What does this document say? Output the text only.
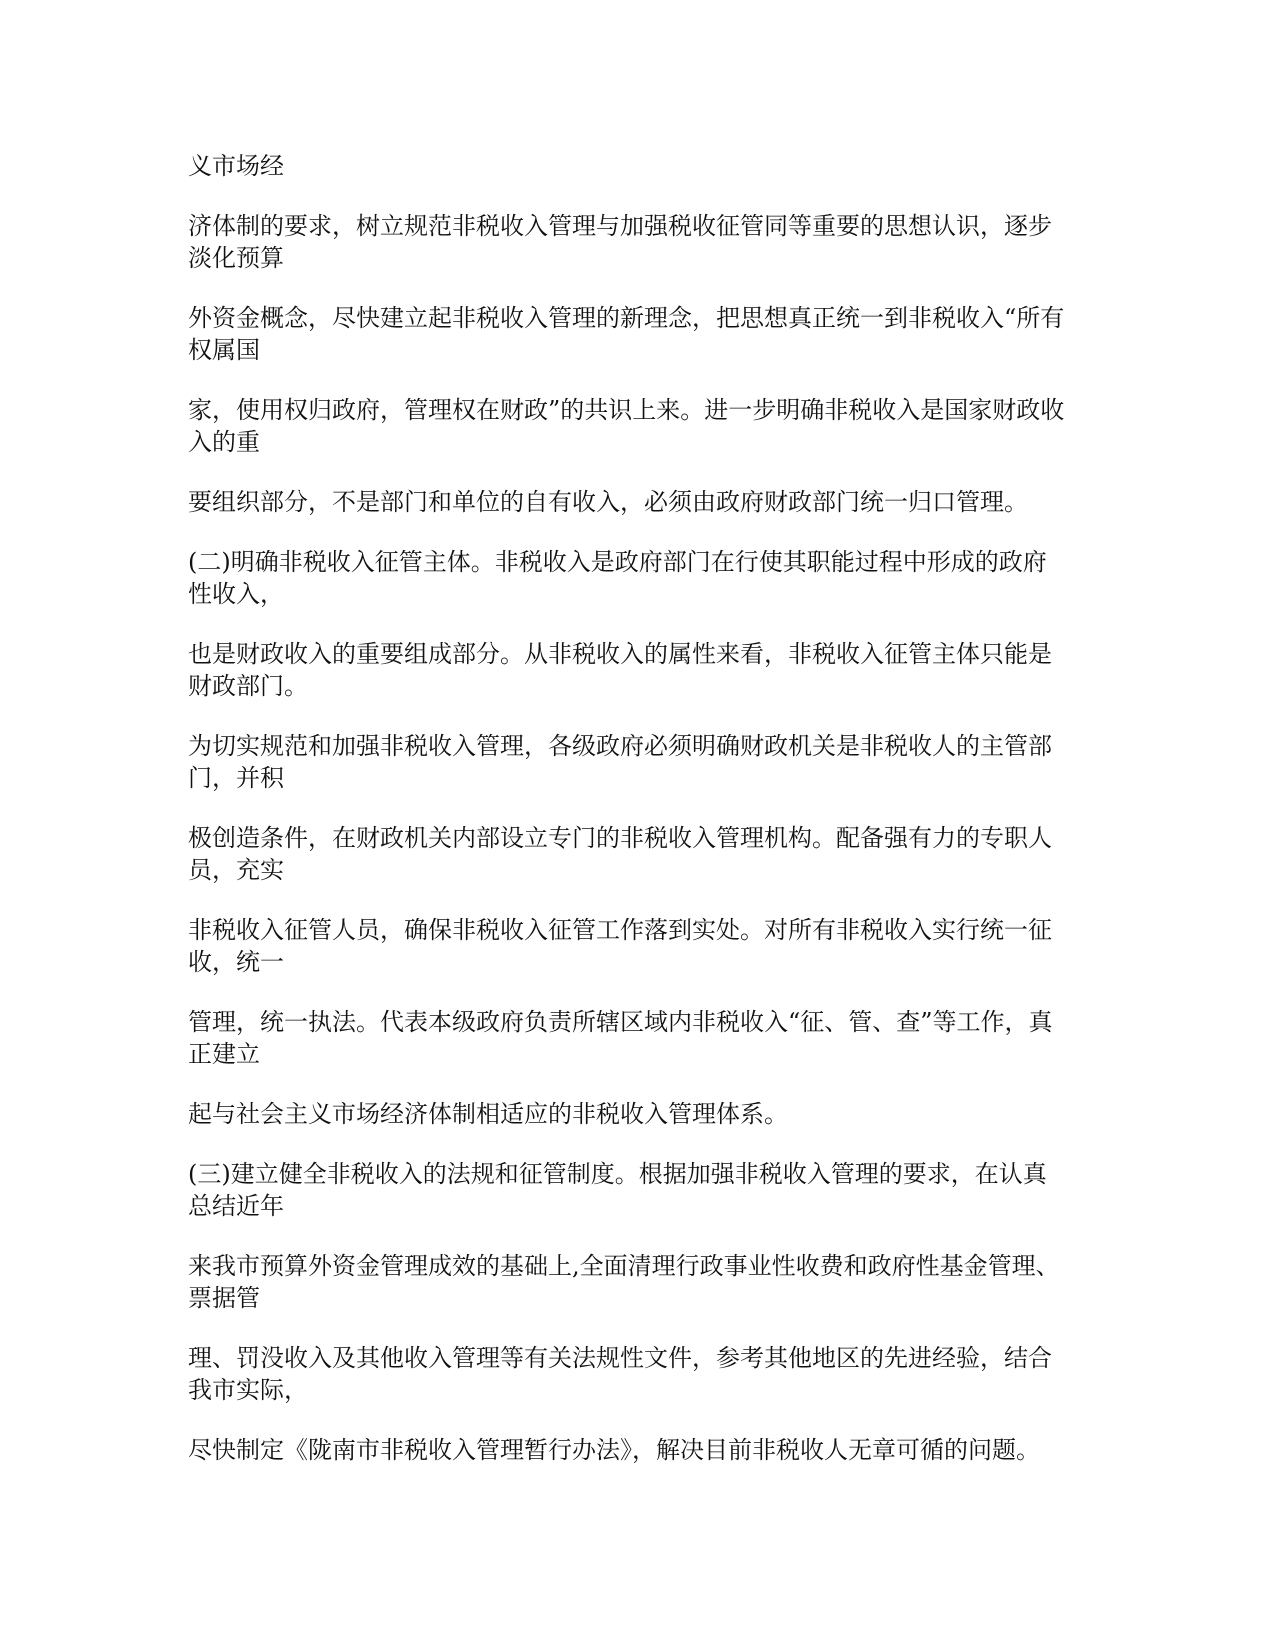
义市场经

济体制的要求，树立规范非税收入管理与加强税收征管同等重要的思想认识，逐步
淡化预算

外资金概念，尽快建立起非税收入管理的新理念，把思想真正统一到非税收入“所有
权属国

家，使用权归政府，管理权在财政”的共识上来。进一步明确非税收入是国家财政收
入的重

要组织部分，不是部门和单位的自有收入，必须由政府财政部门统一归口管理。

(二)明确非税收入征管主体。非税收入是政府部门在行使其职能过程中形成的政府
性收入，

也是财政收入的重要组成部分。从非税收入的属性来看，非税收入征管主体只能是
财政部门。

为切实规范和加强非税收入管理，各级政府必须明确财政机关是非税收人的主管部
门，并积

极创造条件，在财政机关内部设立专门的非税收入管理机构。配备强有力的专职人
员，充实

非税收入征管人员，确保非税收入征管工作落到实处。对所有非税收入实行统一征
收，统一

管理，统一执法。代表本级政府负责所辖区域内非税收入“征、管、查”等工作，真
正建立

起与社会主义市场经济体制相适应的非税收入管理体系。

(三)建立健全非税收入的法规和征管制度。根据加强非税收入管理的要求，在认真
总结近年

来我市预算外资金管理成效的基础上,全面清理行政事业性收费和政府性基金管理、
票据管

理、罚没收入及其他收入管理等有关法规性文件，参考其他地区的先进经验，结合
我市实际，

尽快制定《陇南市非税收入管理暂行办法》，解决目前非税收人无章可循的问题。
